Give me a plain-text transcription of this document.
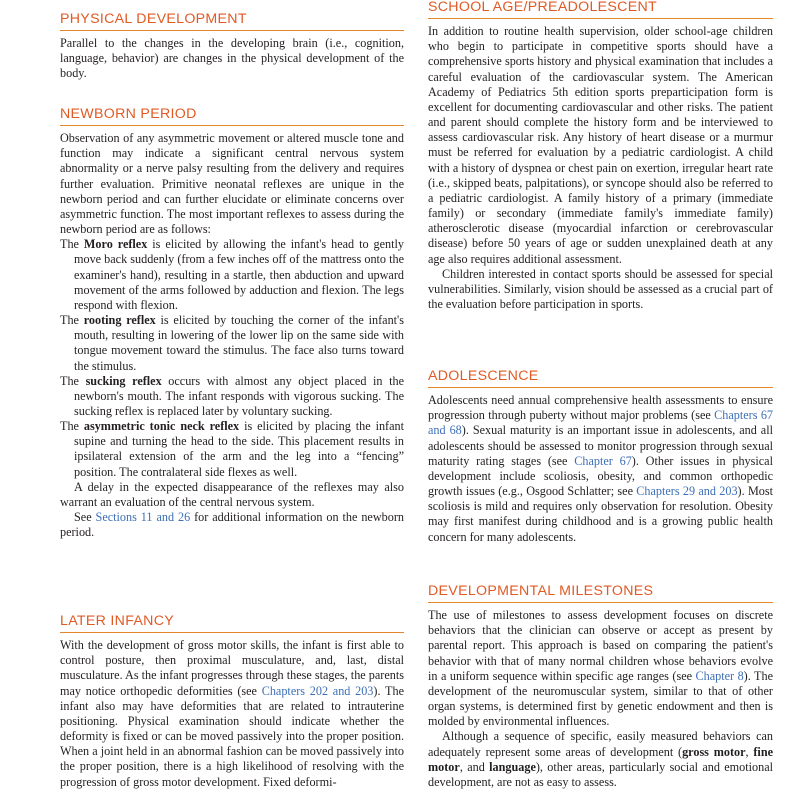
PHYSICAL DEVELOPMENT

Parallel to the changes in the developing brain (i.e., cognition, language, behavior) are changes in the physical development of the body.

NEWBORN PERIOD

Observation of any asymmetric movement or altered muscle tone and function may indicate a significant central nervous system abnormality or a nerve palsy resulting from the delivery and requires further evaluation. Primitive neonatal reflexes are unique in the newborn period and can further elucidate or eliminate concerns over asymmetric function. The most important reflexes to assess during the newborn period are as follows:

The Moro reflex is elicited by allowing the infant's head to gently move back suddenly (from a few inches off of the mattress onto the examiner's hand), resulting in a startle, then abduction and upward movement of the arms followed by adduction and flexion. The legs respond with flexion.

The rooting reflex is elicited by touching the corner of the infant's mouth, resulting in lowering of the lower lip on the same side with tongue movement toward the stimulus. The face also turns toward the stimulus.

The sucking reflex occurs with almost any object placed in the newborn's mouth. The infant responds with vigorous sucking. The sucking reflex is replaced later by voluntary sucking.

The asymmetric tonic neck reflex is elicited by placing the infant supine and turning the head to the side. This placement results in ipsilateral extension of the arm and the leg into a “fencing” position. The contralateral side flexes as well.

A delay in the expected disappearance of the reflexes may also warrant an evaluation of the central nervous system.

See Sections 11 and 26 for additional information on the newborn period.

LATER INFANCY

With the development of gross motor skills, the infant is first able to control posture, then proximal musculature, and, last, distal musculature. As the infant progresses through these stages, the parents may notice orthopedic deformities (see Chapters 202 and 203). The infant also may have deformities that are related to intrauterine positioning. Physical examination should indicate whether the deformity is fixed or can be moved passively into the proper position. When a joint held in an abnormal fashion can be moved passively into the proper position, there is a high likelihood of resolving with the progression of gross motor development. Fixed deformi-

SCHOOL AGE/PREADOLESCENT

In addition to routine health supervision, older school-age children who begin to participate in competitive sports should have a comprehensive sports history and physical examination that includes a careful evaluation of the cardiovascular system. The American Academy of Pediatrics 5th edition sports preparticipation form is excellent for documenting cardiovascular and other risks. The patient and parent should complete the history form and be interviewed to assess cardiovascular risk. Any history of heart disease or a murmur must be referred for evaluation by a pediatric cardiologist. A child with a history of dyspnea or chest pain on exertion, irregular heart rate (i.e., skipped beats, palpitations), or syncope should also be referred to a pediatric cardiologist. A family history of a primary (immediate family) or secondary (immediate family's immediate family) atherosclerotic disease (myocardial infarction or cerebrovascular disease) before 50 years of age or sudden unexplained death at any age also requires additional assessment.

Children interested in contact sports should be assessed for special vulnerabilities. Similarly, vision should be assessed as a crucial part of the evaluation before participation in sports.

ADOLESCENCE

Adolescents need annual comprehensive health assessments to ensure progression through puberty without major problems (see Chapters 67 and 68). Sexual maturity is an important issue in adolescents, and all adolescents should be assessed to monitor progression through sexual maturity rating stages (see Chapter 67). Other issues in physical development include scoliosis, obesity, and common orthopedic growth issues (e.g., Osgood Schlatter; see Chapters 29 and 203). Most scoliosis is mild and requires only observation for resolution. Obesity may first manifest during childhood and is a growing public health concern for many adolescents.

DEVELOPMENTAL MILESTONES

The use of milestones to assess development focuses on discrete behaviors that the clinician can observe or accept as present by parental report. This approach is based on comparing the patient's behavior with that of many normal children whose behaviors evolve in a uniform sequence within specific age ranges (see Chapter 8). The development of the neuromuscular system, similar to that of other organ systems, is determined first by genetic endowment and then is molded by environmental influences.

Although a sequence of specific, easily measured behaviors can adequately represent some areas of development (gross motor, fine motor, and language), other areas, particularly social and emotional development, are not as easy to assess.
